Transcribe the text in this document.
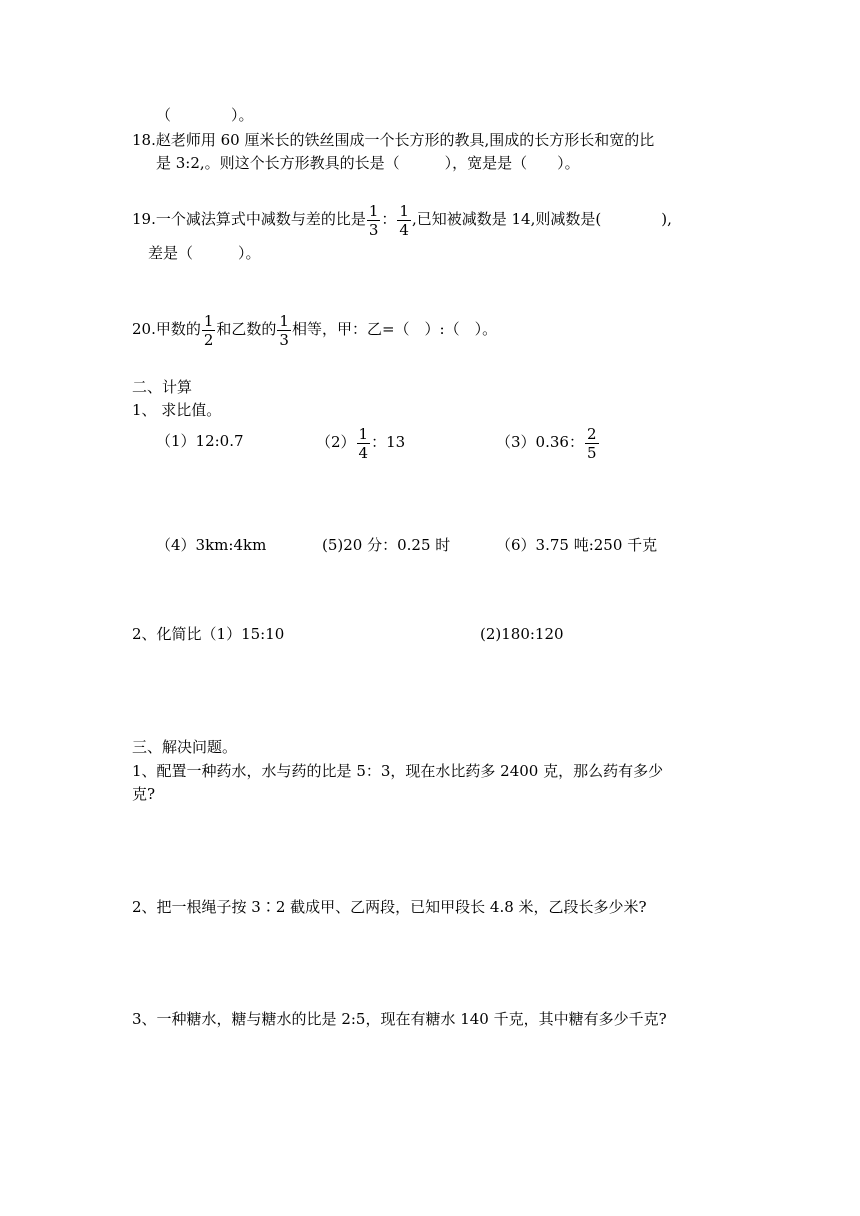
（　　　　）。
18.赵老师用 60 厘米长的铁丝围成一个长方形的教具,围成的长方形长和宽的比
是 3:2,。则这个长方形教具的长是（　　　），宽是是（　　）。
19.一个减法算式中减数与差的比是 $\frac{1}{3}$ ： $\frac{1}{4}$ ,已知被减数是 14,则减数是(　　　　),
差是（　　　）。
20.甲数的 $\frac{1}{2}$ 和乙数的 $\frac{1}{3}$ 相等，甲：乙=（　）:（　）。
二、计算
1、 求比值。
（1）12:0.7	$(2) \frac{1}{4}$ ：13	（3）0.36： $\frac{2}{5}$
（4）3km:4km	(5)20 分：0.25 时	（6）3.75 吨:250 千克
2、化简比（1）15:10	(2)180:120
三、解决问题。
1、配置一种药水，水与药的比是 5：3，现在水比药多 2400 克，那么药有多少
克?
2、把一根绳子按 3∶2 截成甲、乙两段，已知甲段长 4.8 米，乙段长多少米?
3、一种糖水，糖与糖水的比是 2:5，现在有糖水 140 千克，其中糖有多少千克?
